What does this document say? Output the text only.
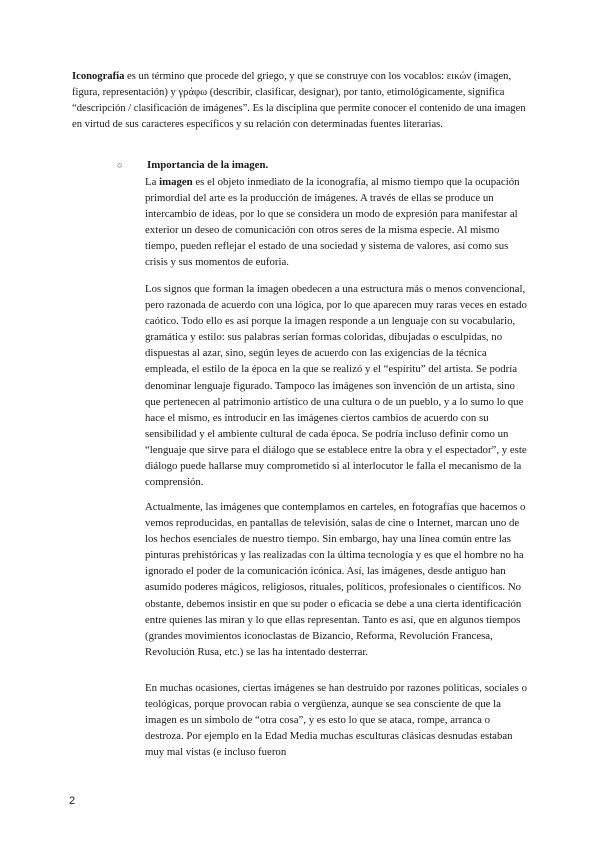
Iconografía es un término que procede del griego, y que se construye con los vocablos: εικών (imagen, figura, representación) y γράφω (describir, clasificar, designar), por tanto, etimológicamente, significa “descripción / clasificación de imágenes”. Es la disciplina que permite conocer el contenido de una imagen en virtud de sus caracteres específicos y su relación con determinadas fuentes literarias.

○ Importancia de la imagen.

La imagen es el objeto inmediato de la iconografía, al mismo tiempo que la ocupación primordial del arte es la producción de imágenes. A través de ellas se produce un intercambio de ideas, por lo que se considera un modo de expresión para manifestar al exterior un deseo de comunicación con otros seres de la misma especie. Al mismo tiempo, pueden reflejar el estado de una sociedad y sistema de valores, así como sus crisis y sus momentos de euforia.

Los signos que forman la imagen obedecen a una estructura más o menos convencional, pero razonada de acuerdo con una lógica, por lo que aparecen muy raras veces en estado caótico. Todo ello es así porque la imagen responde a un lenguaje con su vocabulario, gramática y estilo: sus palabras serían formas coloridas, dibujadas o esculpidas, no dispuestas al azar, sino, según leyes de acuerdo con las exigencias de la técnica empleada, el estilo de la época en la que se realizó y el “espíritu” del artista. Se podría denominar lenguaje figurado. Tampoco las imágenes son invención de un artista, sino que pertenecen al patrimonio artístico de una cultura o de un pueblo, y a lo sumo lo que hace el mismo, es introducir en las imágenes ciertos cambios de acuerdo con su sensibilidad y el ambiente cultural de cada época. Se podría incluso definir como un “lenguaje que sirve para el diálogo que se establece entre la obra y el espectador”, y este diálogo puede hallarse muy comprometido si al interlocutor le falla el mecanismo de la comprensión.

Actualmente, las imágenes que contemplamos en carteles, en fotografías que hacemos o vemos reproducidas, en pantallas de televisión, salas de cine o Internet, marcan uno de los hechos esenciales de nuestro tiempo. Sin embargo, hay una línea común entre las pinturas prehistóricas y las realizadas con la última tecnología y es que el hombre no ha ignorado el poder de la comunicación icónica. Así, las imágenes, desde antiguo han asumido poderes mágicos, religiosos, rituales, políticos, profesionales o científicos. No obstante, debemos insistir en que su poder o eficacia se debe a una cierta identificación entre quienes las miran y lo que ellas representan. Tanto es así, que en algunos tiempos (grandes movimientos iconoclastas de Bizancio, Reforma, Revolución Francesa, Revolución Rusa, etc.) se las ha intentado desterrar.

En muchas ocasiones, ciertas imágenes se han destruido por razones políticas, sociales o teológicas, porque provocan rabia o vergüenza, aunque se sea consciente de que la imagen es un símbolo de “otra cosa”, y es esto lo que se ataca, rompe, arranca o destroza. Por ejemplo en la Edad Media muchas esculturas clásicas desnudas estaban muy mal vistas (e incluso fueron

2
